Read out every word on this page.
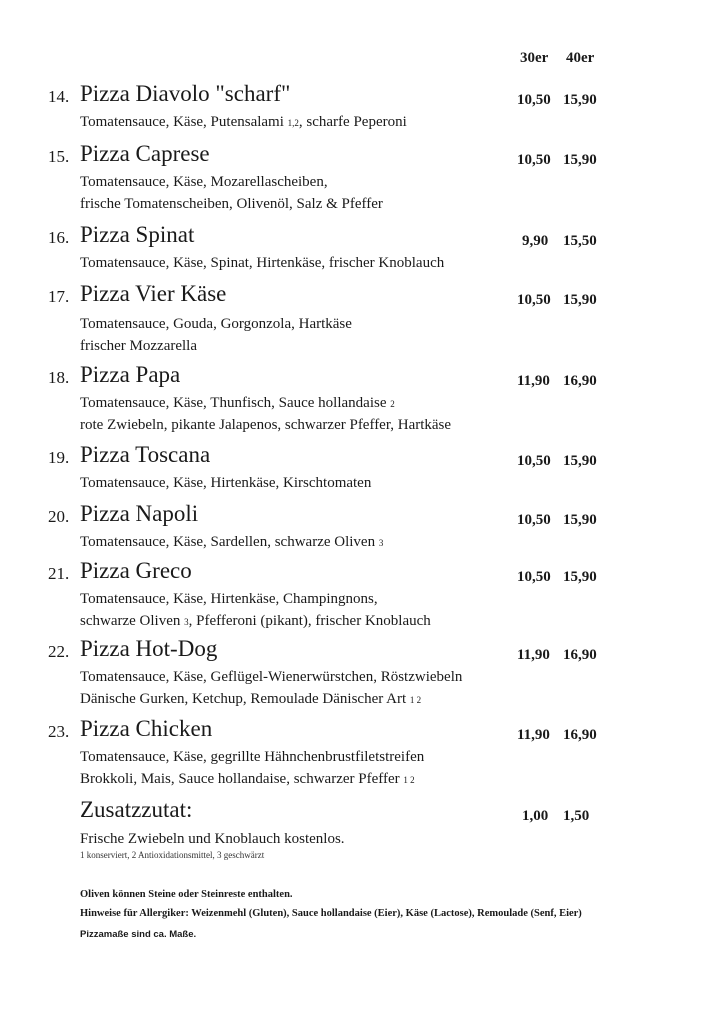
30er 40er
14. Pizza Diavolo "scharf"	10,50 15,90
Tomatensauce, Käse, Putensalami 1,2, scharfe Peperoni
15. Pizza Caprese	10,50 15,90
Tomatensauce, Käse, Mozarellascheiben,
frische Tomatenscheiben, Olivenöl, Salz & Pfeffer
16. Pizza Spinat	9,90 15,50
Tomatensauce, Käse, Spinat, Hirtenkäse, frischer Knoblauch
17. Pizza Vier Käse	10,50 15,90
Tomatensauce, Gouda, Gorgonzola, Hartkäse
frischer Mozzarella
18. Pizza Papa	11,90 16,90
Tomatensauce, Käse, Thunfisch, Sauce hollandaise 2
rote Zwiebeln, pikante Jalapenos, schwarzer Pfeffer, Hartkäse
19. Pizza Toscana	10,50 15,90
Tomatensauce, Käse, Hirtenkäse, Kirschtomaten
20. Pizza Napoli	10,50 15,90
Tomatensauce, Käse, Sardellen, schwarze Oliven 3
21. Pizza Greco	10,50 15,90
Tomatensauce, Käse, Hirtenkäse, Champingnons,
schwarze Oliven 3, Pfefferoni (pikant), frischer Knoblauch
22. Pizza Hot-Dog	11,90 16,90
Tomatensauce, Käse, Geflügel-Wienerwürstchen, Röstzwiebeln
Dänische Gurken, Ketchup, Remoulade Dänischer Art 1 2
23. Pizza Chicken	11,90 16,90
Tomatensauce, Käse, gegrillte Hähnchenbrustfiletstreifen
Brokkoli, Mais, Sauce hollandaise, schwarzer Pfeffer 1 2
Zusatzzutat:	1,00 1,50
Frische Zwiebeln und Knoblauch kostenlos.
1 konserviert, 2 Antioxidationsmittel, 3 geschwärzt
Oliven können Steine oder Steinreste enthalten.
Hinweise für Allergiker: Weizenmehl (Gluten), Sauce hollandaise (Eier), Käse (Lactose), Remoulade (Senf, Eier)
Pizzamaße sind ca. Maße.
